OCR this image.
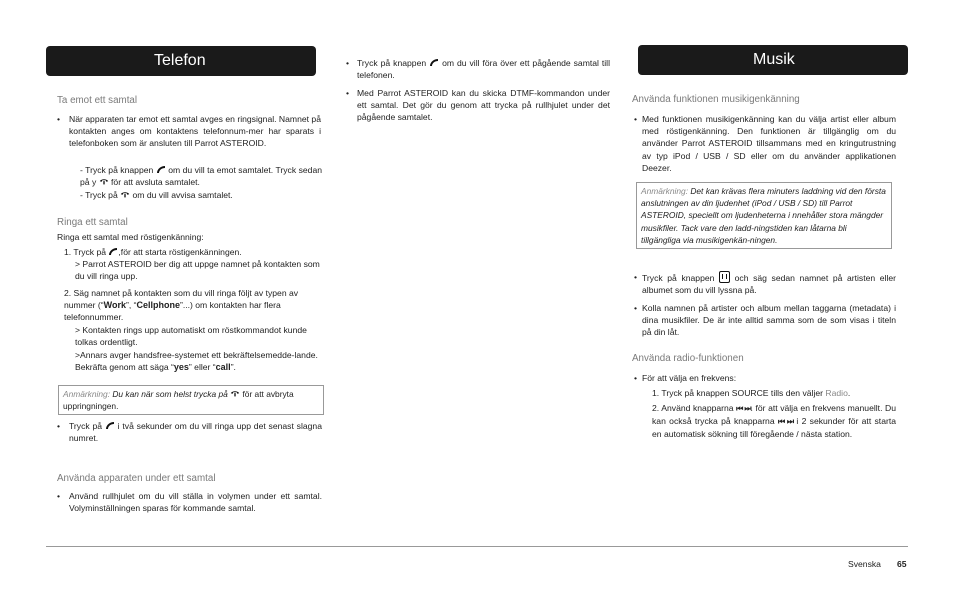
Telefon
Ta emot ett samtal
• När apparaten tar emot ett samtal avges en ringsignal. Namnet på kontakten anges om kontaktens telefonnum-mer har sparats i telefonboken som är ansluten till Parrot ASTEROID.
- Tryck på knappen om du vill ta emot samtalet. Tryck sedan på y för att avsluta samtalet.
- Tryck på om du vill avvisa samtalet.
Ringa ett samtal
Ringa ett samtal med röstigenkänning:
1. Tryck på ,för att starta röstigenkänningen.
> Parrot ASTEROID ber dig att uppge namnet på kontakten som du vill ringa upp.
2. Säg namnet på kontakten som du vill ringa följt av typen av nummer (“Work”, “Cellphone”...) om kontakten har flera telefonnummer.
> Kontakten rings upp automatiskt om röstkommandot kunde tolkas ordentligt.
>Annars avger handsfree-systemet ett bekräftelsemedde-lande. Bekräfta genom att säga “yes” eller “call”.
Anmärkning: Du kan när som helst trycka på för att avbryta uppringningen.
• Tryck på i två sekunder om du vill ringa upp det senast slagna numret.
Använda apparaten under ett samtal
• Använd rullhjulet om du vill ställa in volymen under ett samtal. Volyminställningen sparas för kommande samtal.
• Tryck på knappen om du vill föra över ett pågående samtal till telefonen.
• Med Parrot ASTEROID kan du skicka DTMF-kommandon under ett samtal. Det gör du genom att trycka på rullhjulet under det pågående samtalet.
Musik
Använda funktionen musikigenkänning
• Med funktionen musikigenkänning kan du välja artist eller album med röstigenkänning. Den funktionen är tillgänglig om du använder Parrot ASTEROID tillsammans med en kringutrustning av typ iPod / USB / SD eller om du använder applikationen Deezer.
Anmärkning: Det kan krävas flera minuters laddning vid den första anslutningen av din ljudenhet (iPod / USB / SD) till Parrot ASTEROID, speciellt om ljudenheterna i nnehåller stora mängder musikfiler. Tack vare den ladd-ningstiden kan låtarna bli tillgängliga via musikigenkän-ningen.
• Tryck på knappen och säg sedan namnet på artisten eller albumet som du vill lyssna på.
• Kolla namnen på artister och album mellan taggarna (metadata) i dina musikfiler. De är inte alltid samma som de som visas i titeln på din låt.
Använda radio-funktionen
• För att välja en frekvens:
1. Tryck på knappen SOURCE tills den väljer Radio.
2. Använd knapparna ⏮ ⏭. för att välja en frekvens manuellt. Du kan också trycka på knapparna ⏮ ⏭ i 2 sekunder för att starta en automatisk sökning till föregående / nästa station.
Svenska 65
